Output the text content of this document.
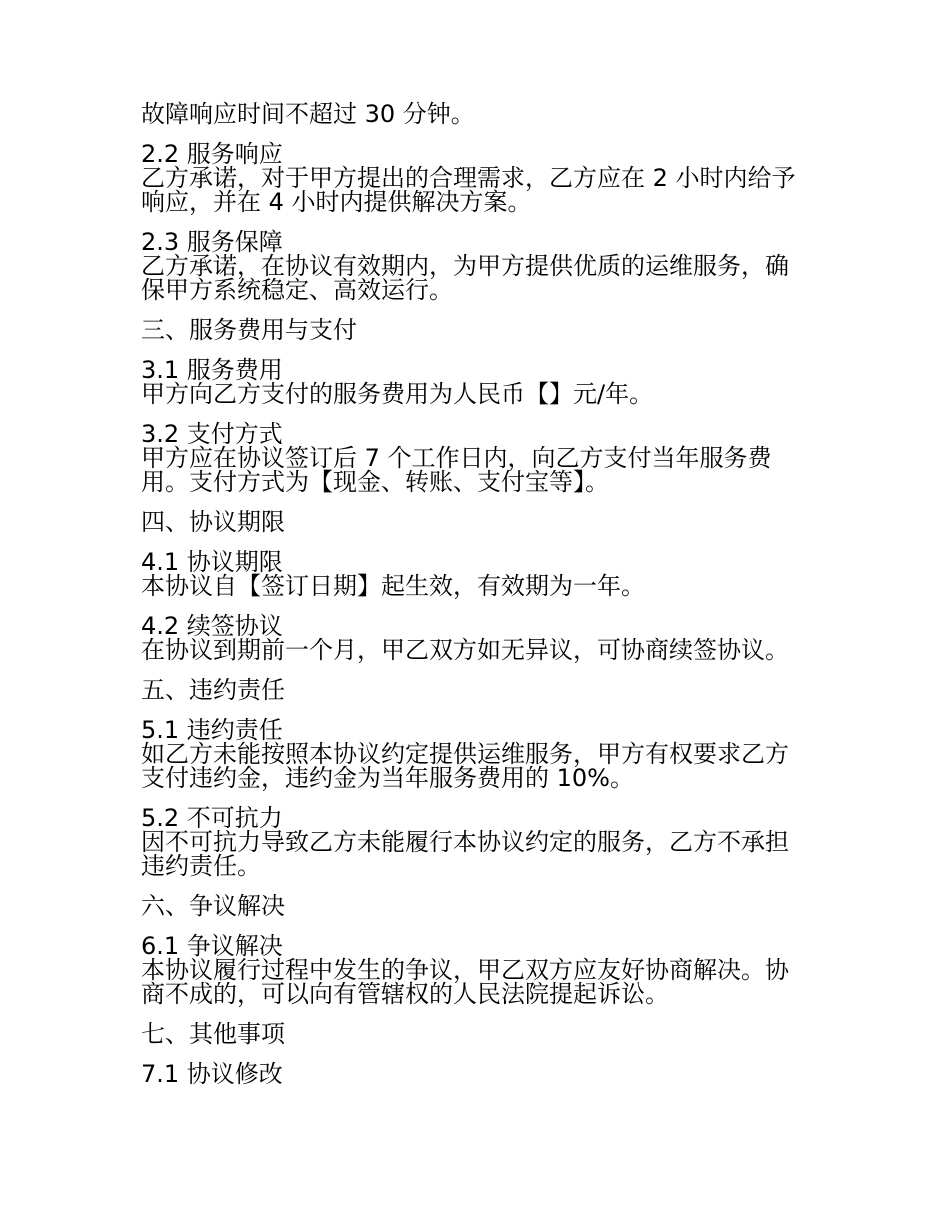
故障响应时间不超过 30 分钟。

2.2 服务响应

乙方承诺，对于甲方提出的合理需求，乙方应在 2 小时内给予

响应，并在 4 小时内提供解决方案。

2.3 服务保障

乙方承诺，在协议有效期内，为甲方提供优质的运维服务，确

保甲方系统稳定、高效运行。

三、服务费用与支付

3.1 服务费用

甲方向乙方支付的服务费用为人民币【】元/年。

3.2 支付方式

甲方应在协议签订后 7 个工作日内，向乙方支付当年服务费

用。支付方式为【现金、转账、支付宝等】。

四、协议期限

4.1 协议期限

本协议自【签订日期】起生效，有效期为一年。

4.2 续签协议

在协议到期前一个月，甲乙双方如无异议，可协商续签协议。

五、违约责任

5.1 违约责任

如乙方未能按照本协议约定提供运维服务，甲方有权要求乙方

支付违约金，违约金为当年服务费用的 10%。

5.2 不可抗力

因不可抗力导致乙方未能履行本协议约定的服务，乙方不承担

违约责任。

六、争议解决

6.1 争议解决

本协议履行过程中发生的争议，甲乙双方应友好协商解决。协

商不成的，可以向有管辖权的人民法院提起诉讼。

七、其他事项

7.1 协议修改
